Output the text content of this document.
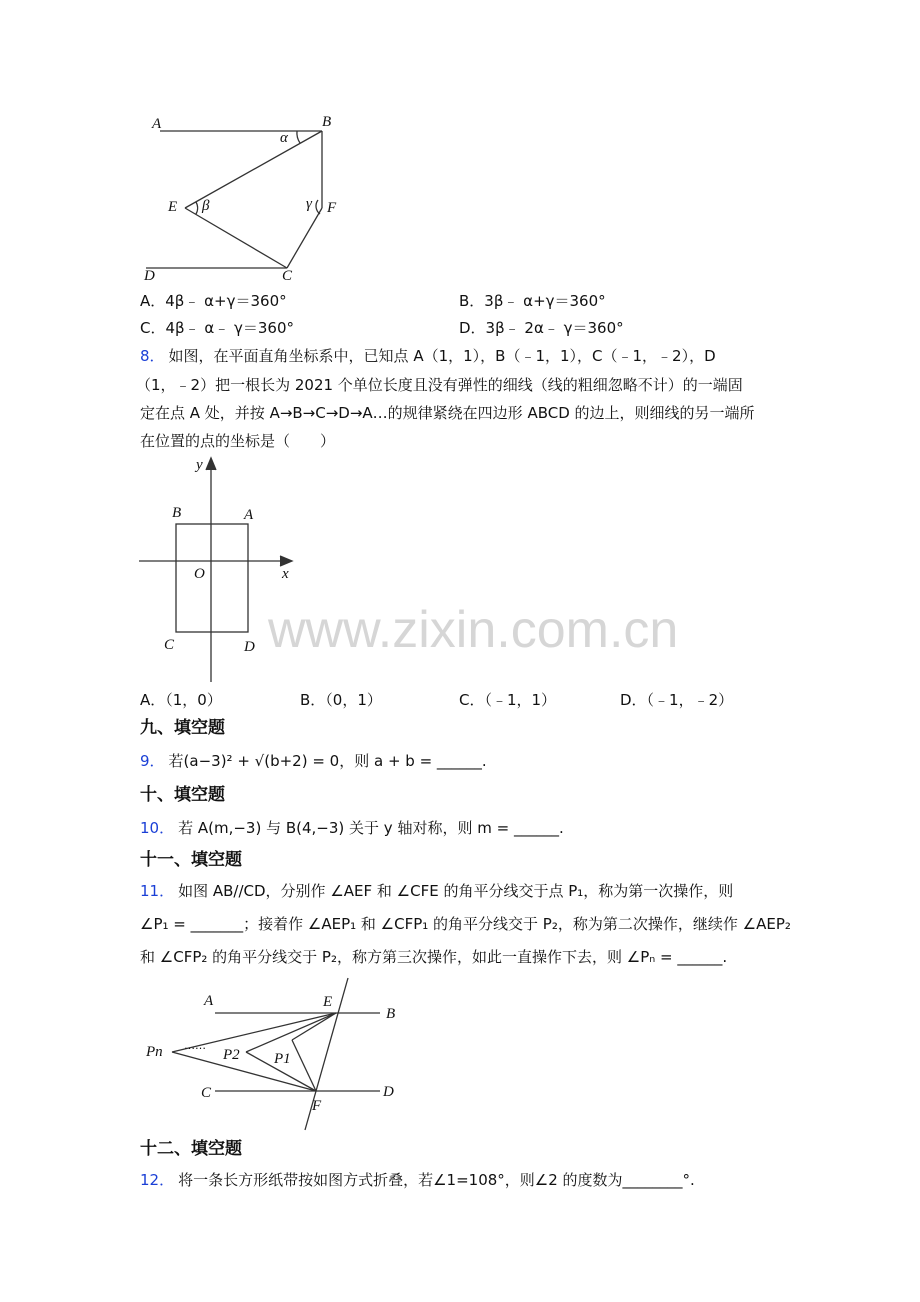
A	B
α
E β	γ F
D	C
A．4β﹣ α+γ＝360°	B．3β﹣ α+γ＝360°
C．4β﹣ α﹣ γ＝360°	D．3β﹣ 2α﹣ γ＝360°
8． 如图，在平面直角坐标系中，已知点 A（1，1），B（﹣1，1），C（﹣1，﹣2），D
（1，﹣2）把一根长为 2021 个单位长度且没有弹性的细线（线的粗细忽略不计）的一端固
定在点 A 处，并按 A→B→C→D→A…的规律紧绕在四边形 ABCD 的边上，则细线的另一端所
在位置的点的坐标是（　　）
y
B	A
O	x
C	D www.zixin.com.cn
A．（1，0）	B．（0，1）	C．（﹣1，1）	D．（﹣1，﹣2）
九、填空题
9． 若(a−3)² + √(b+2) = 0，则 a + b = ______.
十、填空题
10． 若 A(m,−3) 与 B(4,−3) 关于 y 轴对称，则 m = ______.
十一、填空题
11． 如图 AB//CD，分别作 ∠AEF 和 ∠CFE 的角平分线交于点 P₁，称为第一次操作，则
∠P₁ = _______；接着作 ∠AEP₁ 和 ∠CFP₁ 的角平分线交于 P₂，称为第二次操作，继续作 ∠AEP₂
和 ∠CFP₂ 的角平分线交于 P₂，称方第三次操作，如此一直操作下去，则 ∠Pₙ = ______.
A	E
B
Pn ……
P2 P1
C	D
F
十二、填空题
12． 将一条长方形纸带按如图方式折叠，若∠1=108°，则∠2 的度数为________°.
